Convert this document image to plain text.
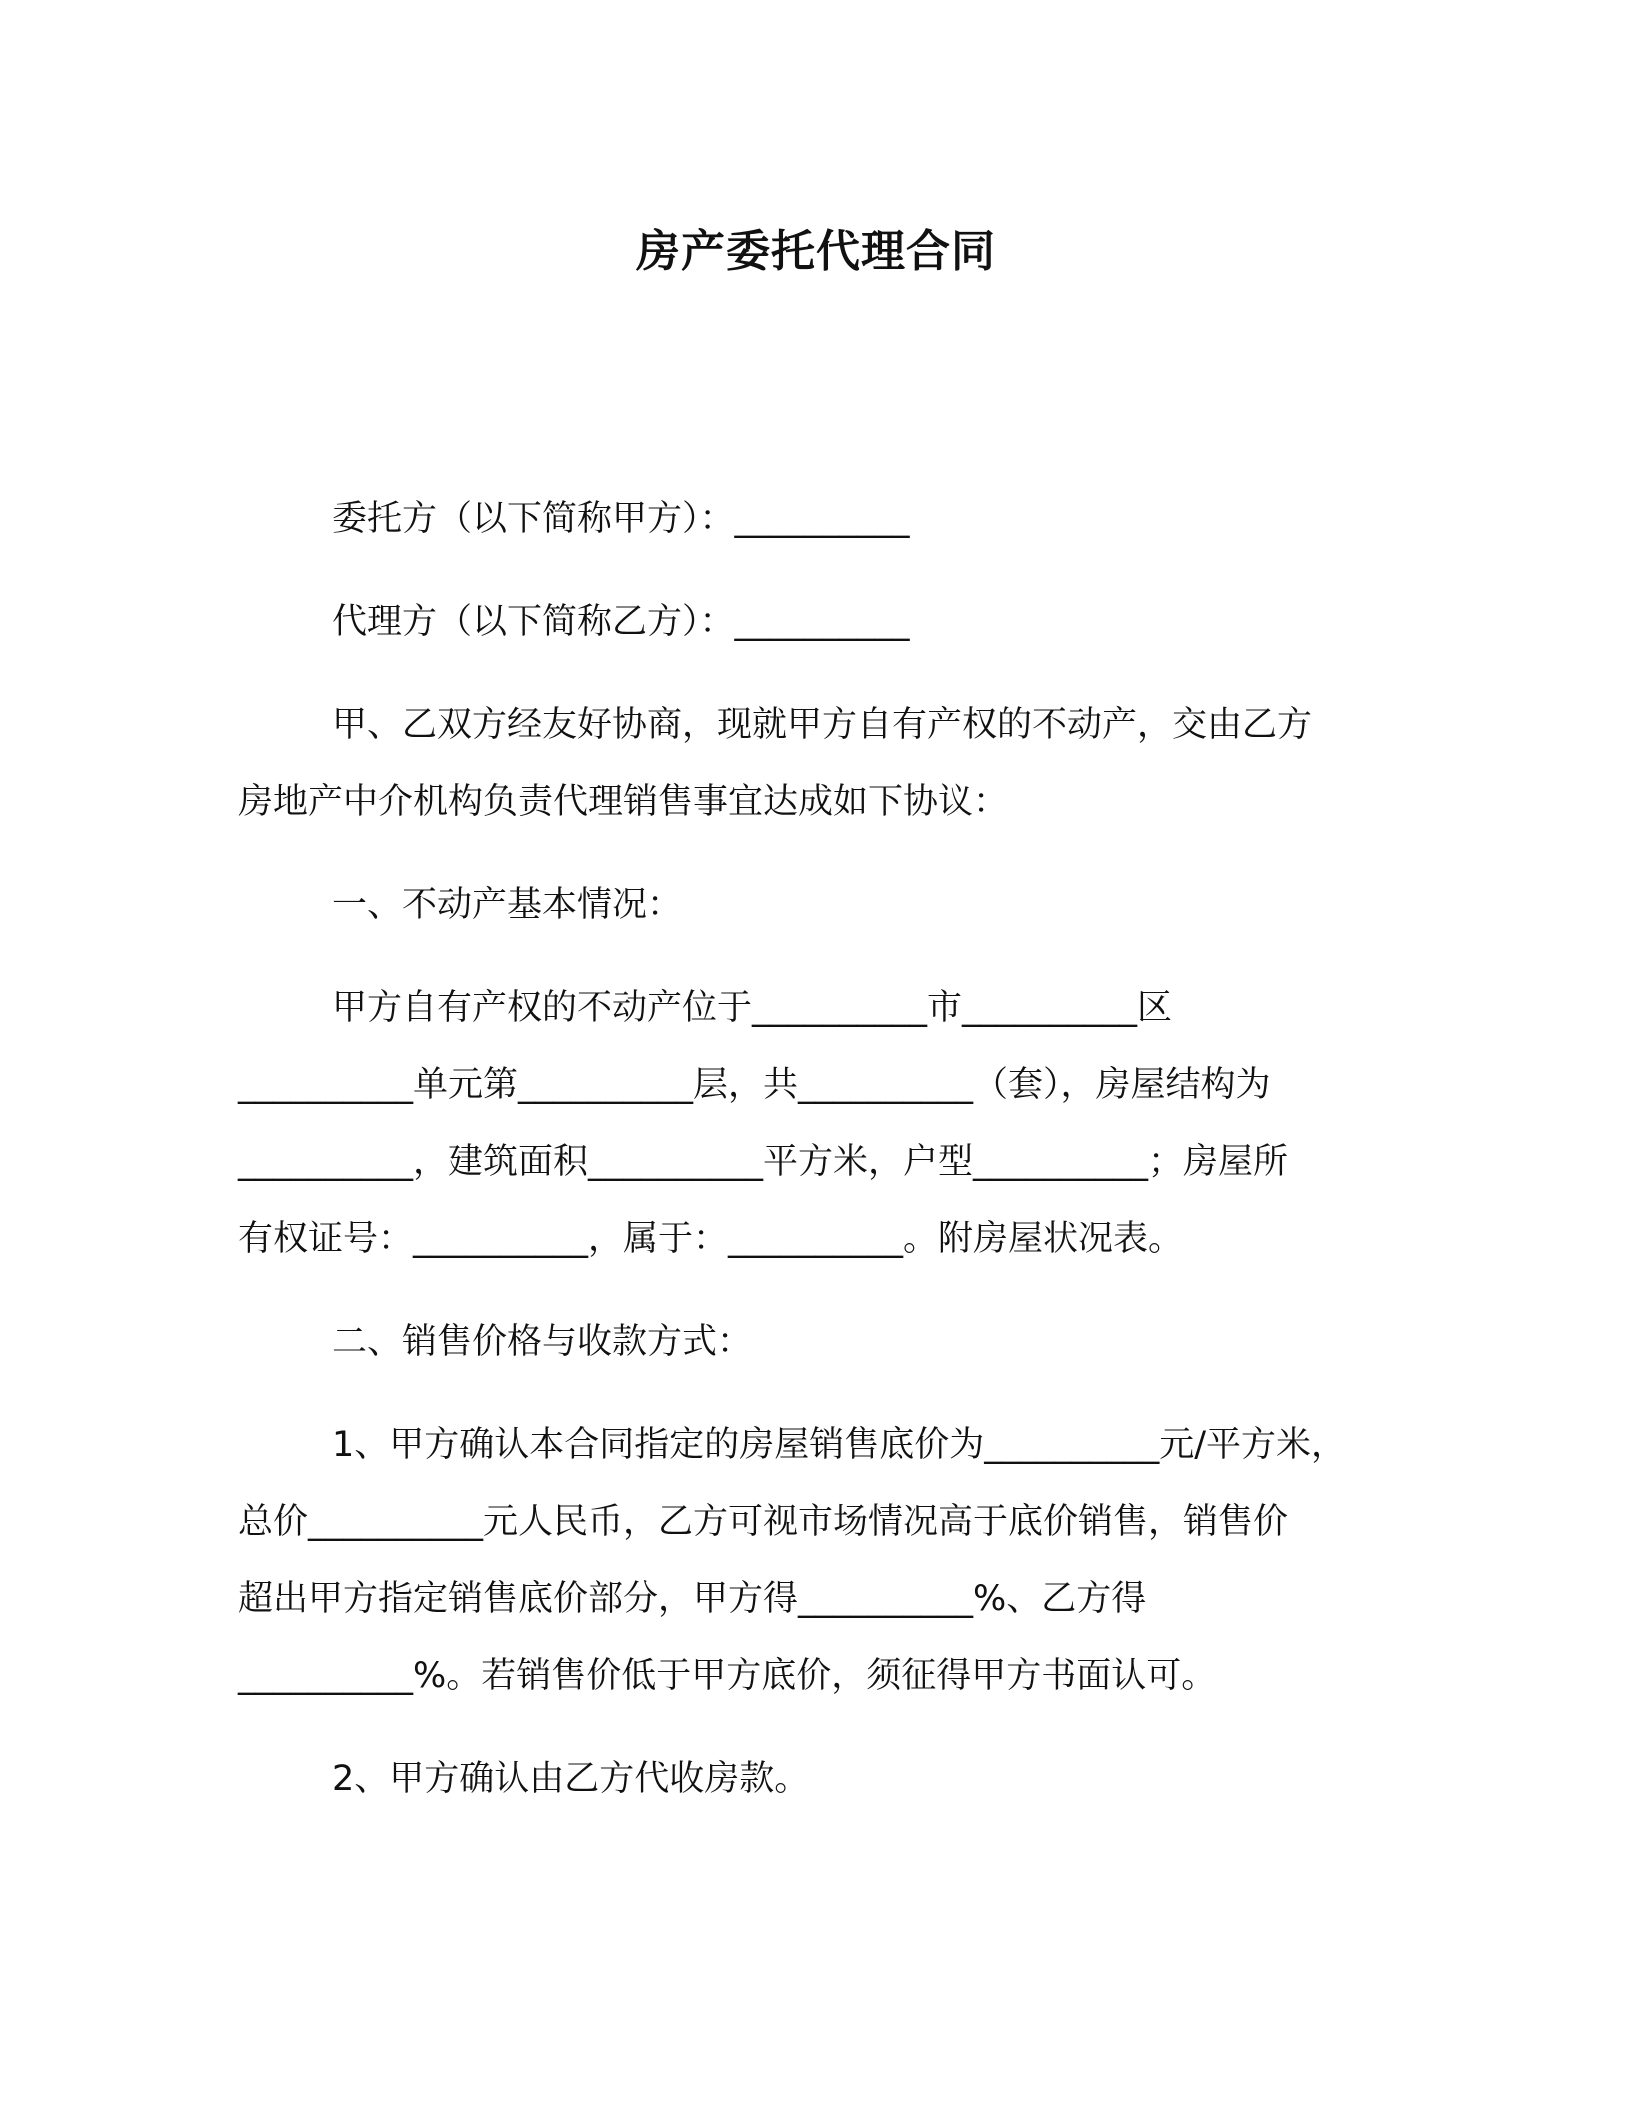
房产委托代理合同
委托方（以下简称甲方）：__________
代理方（以下简称乙方）：__________
甲、乙双方经友好协商，现就甲方自有产权的不动产，交由乙方
房地产中介机构负责代理销售事宜达成如下协议：
一、不动产基本情况：
甲方自有产权的不动产位于__________市__________区
__________单元第__________层，共__________（套），房屋结构为
__________，建筑面积__________平方米，户型__________；房屋所
有权证号：__________，属于：__________。附房屋状况表。
二、销售价格与收款方式：
1、甲方确认本合同指定的房屋销售底价为__________元/平方米，
总价__________元人民币，乙方可视市场情况高于底价销售，销售价
超出甲方指定销售底价部分，甲方得__________%、乙方得
__________%。若销售价低于甲方底价，须征得甲方书面认可。
2、甲方确认由乙方代收房款。
